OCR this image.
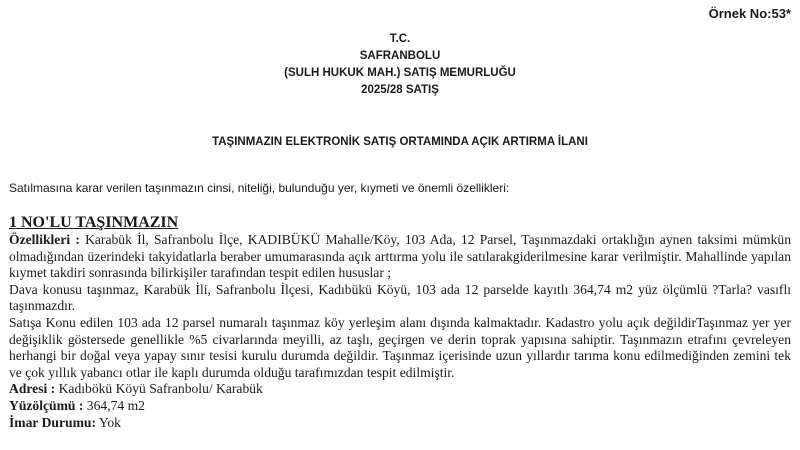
Örnek No:53*
T.C.
SAFRANBOLU
(SULH HUKUK MAH.) SATIŞ MEMURLUĞU
2025/28 SATIŞ
TAŞINMAZIN ELEKTRONİK SATIŞ ORTAMINDA AÇIK ARTIRMA İLANI
Satılmasına karar verilen taşınmazın cinsi, niteliği, bulunduğu yer, kıymeti ve önemli özellikleri:
1 NO'LU TAŞINMAZIN

Özellikleri : Karabük İl, Safranbolu İlçe, KADIBÜKÜ Mahalle/Köy, 103 Ada, 12 Parsel, Taşınmazdaki ortaklığın aynen taksimi mümkün olmadığından üzerindeki takyidatlarla beraber umumarasında açık arttırma yolu ile satılarakgiderilmesine karar verilmiştir. Mahallinde yapılan kıymet takdiri sonrasında bilirkişiler tarafından tespit edilen hususlar ;

Dava konusu taşınmaz, Karabük İli, Safranbolu İlçesi, Kadıbükü Köyü, 103 ada 12 parselde kayıtlı 364,74 m2 yüz ölçümlü ?Tarla? vasıflı taşınmazdır.

Satışa Konu edilen 103 ada 12 parsel numaralı taşınmaz köy yerleşim alanı dışında kalmaktadır. Kadastro yolu açık değildirTaşınmaz yer yer değişiklik göstersede genellikle %5 civarlarında meyilli, az taşlı, geçirgen ve derin toprak yapısına sahiptir. Taşınmazın etrafını çevreleyen herhangi bir doğal veya yapay sınır tesisi kurulu durumda değildir. Taşınmaz içerisinde uzun yıllardır tarıma konu edilmediğinden zemini tek ve çok yıllık yabancı otlar ile kaplı durumda olduğu tarafımızdan tespit edilmiştir.

Adresi : Kadıbökü Köyü Safranbolu/ Karabük

Yüzölçümü : 364,74 m2

İmar Durumu: Yok
